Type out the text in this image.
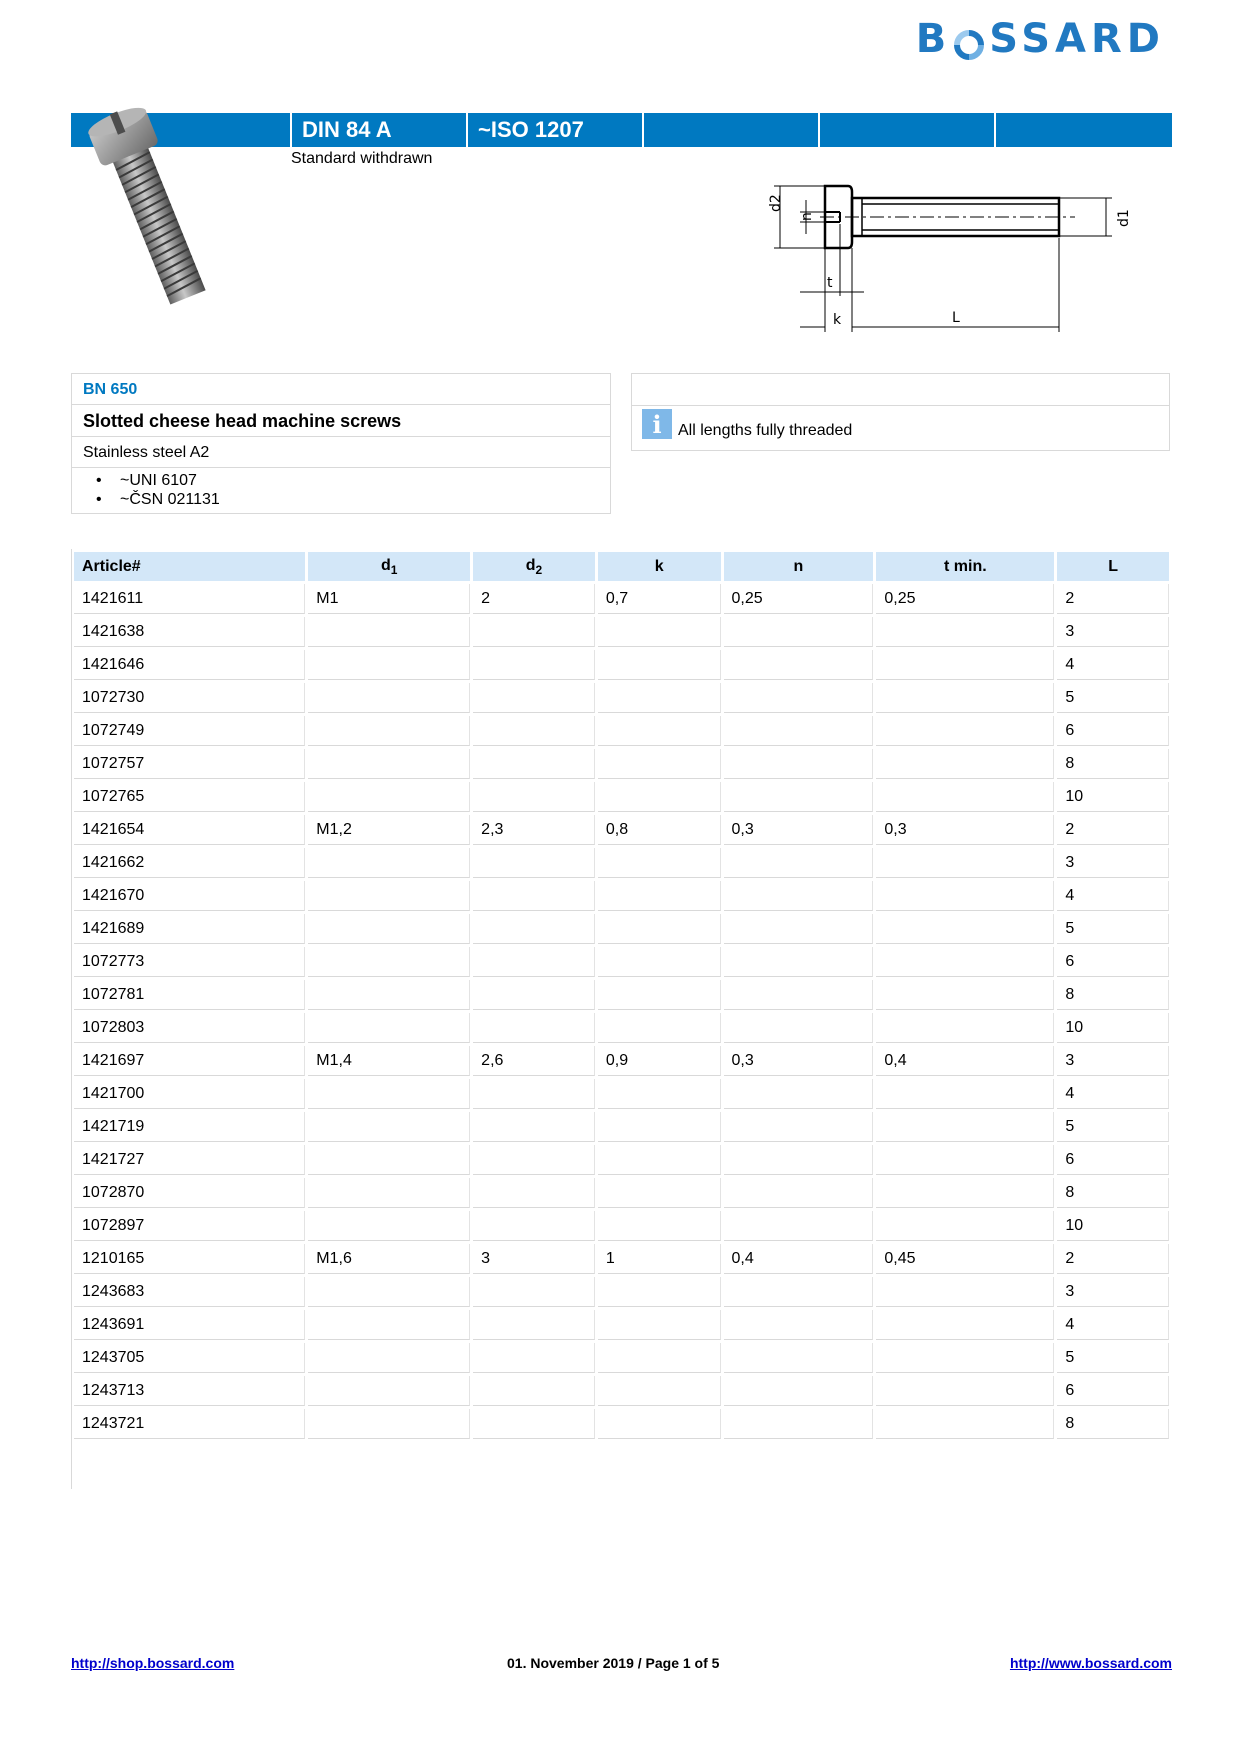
B SSARD
DIN 84 A	~ISO 1207
Standard withdrawn
d2
n	d1
t
k	L
BN 650
Slotted cheese head machine screws
Stainless steel A2
•	~UNI 6107
•	~ČSN 021131
i	All lengths fully threaded
Article#	$d_1$	$d_2$	k	n	t min.	L
1421611	M1	2	0,7	0,25	0,25	2
1421638						3
1421646						4
1072730						5
1072749						6
1072757						8
1072765						10
1421654	M1,2	2,3	0,8	0,3	0,3	2
1421662						3
1421670						4
1421689						5
1072773						6
1072781						8
1072803						10
1421697	M1,4	2,6	0,9	0,3	0,4	3
1421700						4
1421719						5
1421727						6
1072870						8
1072897						10
1210165	M1,6	3	1	0,4	0,45	2
1243683						3
1243691						4
1243705						5
1243713						6
1243721						8
http://shop.bossard.com	01. November 2019 / Page 1 of 5	http://www.bossard.com
